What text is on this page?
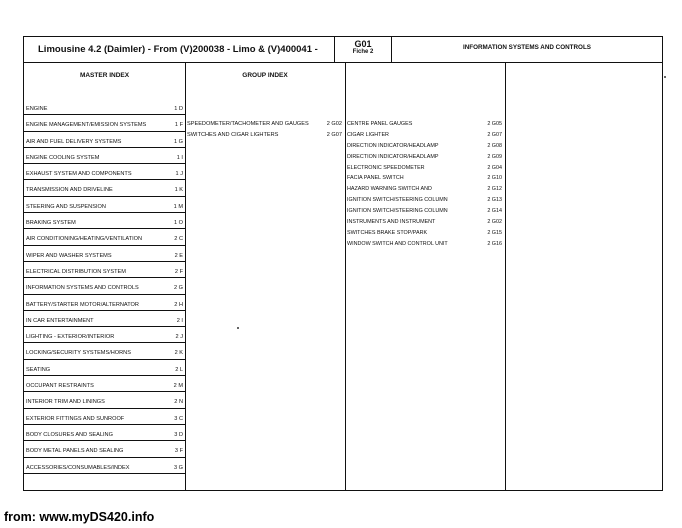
Limousine 4.2 (Daimler) - From (V)200038 - Limo & (V)400041 -	G01
Fiche 2
INFORMATION SYSTEMS AND CONTROLS
MASTER INDEX	GROUP INDEX
ENGINE	1 D
ENGINE MANAGEMENT/EMISSION SYSTEMS	1 F
AIR AND FUEL DELIVERY SYSTEMS	1 G
ENGINE COOLING SYSTEM	1 I
EXHAUST SYSTEM AND COMPONENTS	1 J
TRANSMISSION AND DRIVELINE	1 K
STEERING AND SUSPENSION	1 M
BRAKING SYSTEM	1 O
AIR CONDITIONING/HEATING/VENTILATION	2 C
WIPER AND WASHER SYSTEMS	2 E
ELECTRICAL DISTRIBUTION SYSTEM	2 F
INFORMATION SYSTEMS AND CONTROLS	2 G
BATTERY/STARTER MOTOR/ALTERNATOR	2 H
IN CAR ENTERTAINMENT	2 I
LIGHTING - EXTERIOR/INTERIOR	2 J
LOCKING/SECURITY SYSTEMS/HORNS	2 K
SEATING	2 L
OCCUPANT RESTRAINTS	2 M
INTERIOR TRIM AND LININGS	2 N
EXTERIOR FITTINGS AND SUNROOF	3 C
BODY CLOSURES AND SEALING	3 D
BODY METAL PANELS AND SEALING	3 F
ACCESSORIES/CONSUMABLES/INDEX	3 G
SPEEDOMETER/TACHOMETER AND GAUGES	2 G02
SWITCHES AND CIGAR LIGHTERS	2 G07
CENTRE PANEL GAUGES	2 G05
CIGAR LIGHTER	2 G07
DIRECTION INDICATOR/HEADLAMP	2 G08
DIRECTION INDICATOR/HEADLAMP	2 G09
ELECTRONIC SPEEDOMETER	2 G04
FACIA PANEL SWITCH	2 G10
HAZARD WARNING SWITCH AND	2 G12
IGNITION SWITCH/STEERING COLUMN	2 G13
IGNITION SWITCH/STEERING COLUMN	2 G14
INSTRUMENTS AND INSTRUMENT	2 G02
SWITCHES BRAKE STOP/PARK	2 G15
WINDOW SWITCH AND CONTROL UNIT	2 G16
from: www.myDS420.info
